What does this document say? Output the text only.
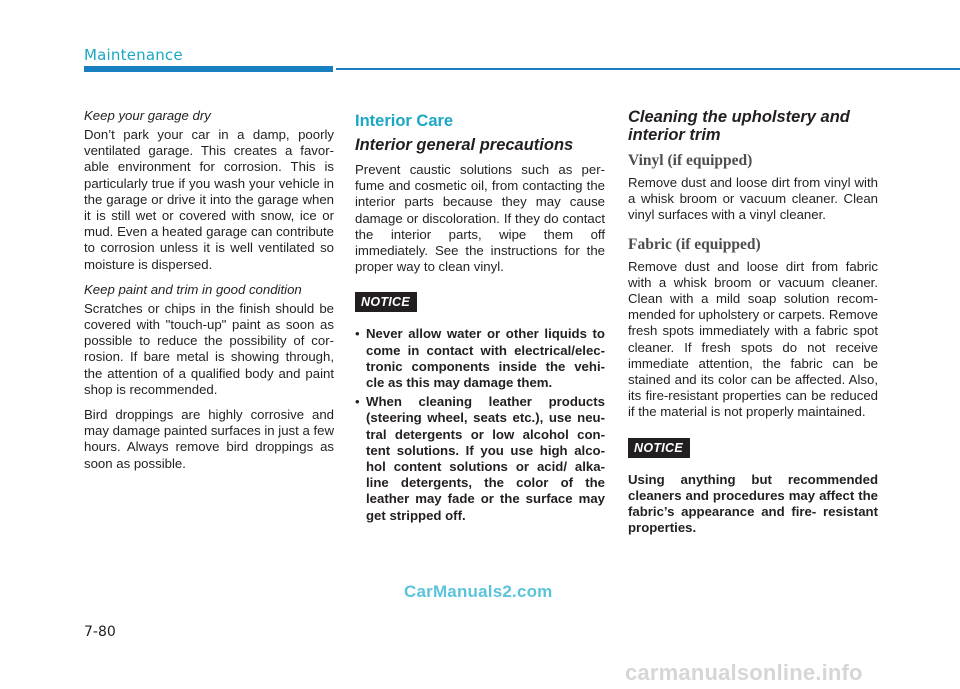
Maintenance

Keep your garage dry

Don’t park your car in a damp, poorly ventilated garage. This creates a favor- able environment for corrosion. This is particularly true if you wash your vehicle in the garage or drive it into the garage when it is still wet or covered with snow, ice or mud. Even a heated garage can contribute to corrosion unless it is well ventilated so moisture is dispersed.

Keep paint and trim in good condition

Scratches or chips in the finish should be covered with "touch-up" paint as soon as possible to reduce the possibility of cor- rosion. If bare metal is showing through, the attention of a qualified body and paint shop is recommended.

Bird droppings are highly corrosive and may damage painted surfaces in just a few hours. Always remove bird droppings as soon as possible.

Interior Care
Interior general precautions

Prevent caustic solutions such as per- fume and cosmetic oil, from contacting the interior parts because they may cause damage or discoloration. If they do contact the interior parts, wipe them off immediately. See the instructions for the proper way to clean vinyl.

NOTICE
• Never allow water or other liquids to come in contact with electrical/elec- tronic components inside the vehi- cle as this may damage them.
• When cleaning leather products (steering wheel, seats etc.), use neu- tral detergents or low alcohol con- tent solutions. If you use high alco- hol content solutions or acid/ alka- line detergents, the color of the leather may fade or the surface may get stripped off.
Cleaning the upholstery and interior trim
Vinyl (if equipped)

Remove dust and loose dirt from vinyl with a whisk broom or vacuum cleaner. Clean vinyl surfaces with a vinyl cleaner.

Fabric (if equipped)

Remove dust and loose dirt from fabric with a whisk broom or vacuum cleaner. Clean with a mild soap solution recom- mended for upholstery or carpets. Remove fresh spots immediately with a fabric spot cleaner. If fresh spots do not receive immediate attention, the fabric can be stained and its color can be affected. Also, its fire-resistant properties can be reduced if the material is not properly maintained.

NOTICE

Using anything but recommended cleaners and procedures may affect the fabric’s appearance and fire- resistant properties.

CarManuals2.com
7-80
carmanualsonline.info
